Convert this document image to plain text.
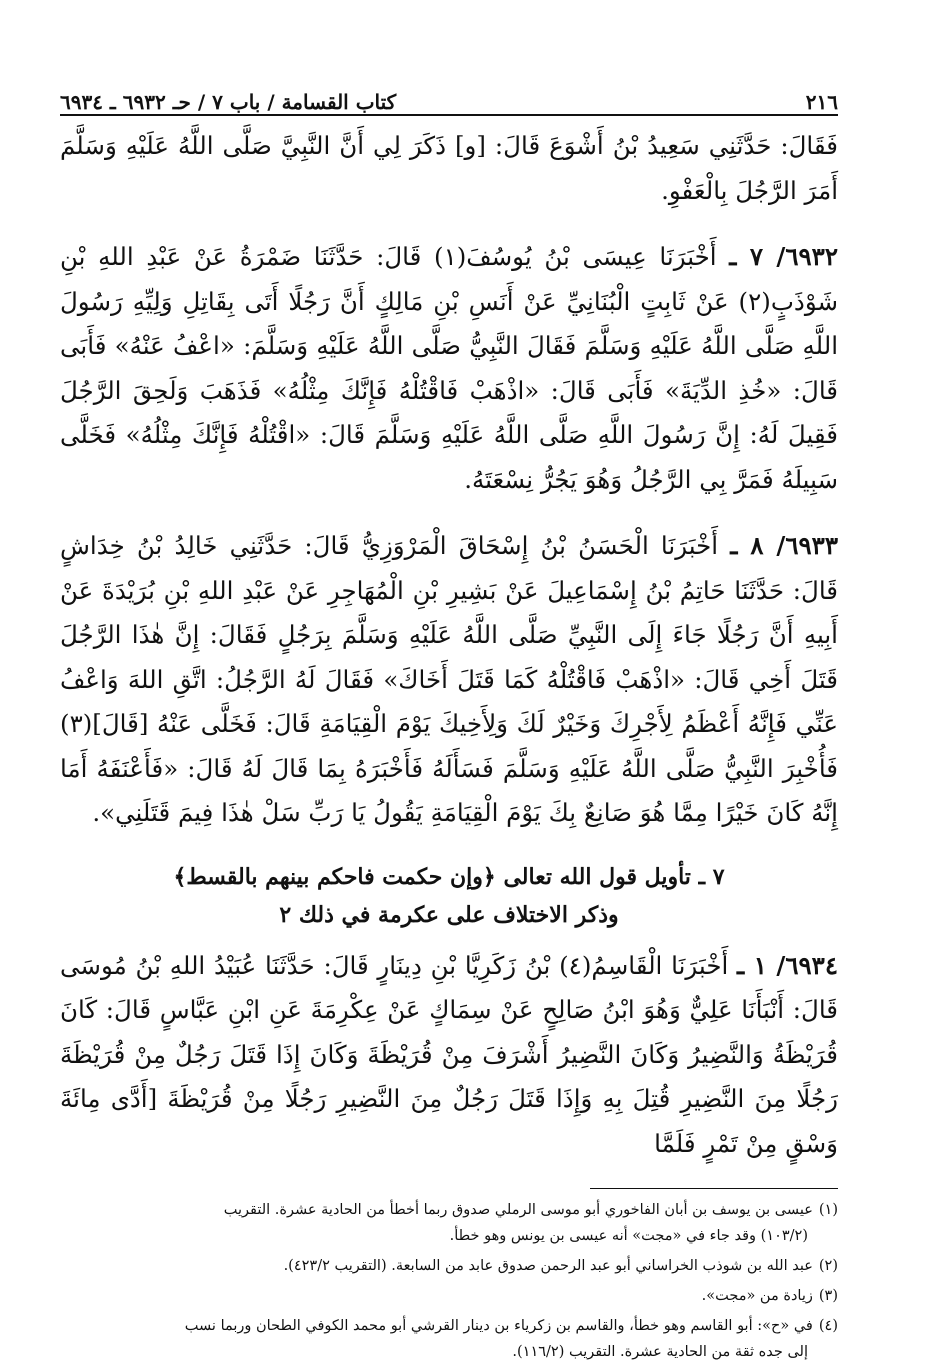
٢١٦
كتاب القسامة / باب ٧ / حـ ٦٩٣٢ ـ ٦٩٣٤

فَقَالَ: حَدَّثَنِي سَعِيدُ بْنُ أَشْوَعَ قَالَ: [و] ذَكَرَ لِي أَنَّ النَّبِيَّ صَلَّى اللَّهُ عَلَيْهِ وَسَلَّمَ أَمَرَ الرَّجُلَ بِالْعَفْوِ.

٦٩٣٢/ ٧ ـ أَخْبَرَنَا عِيسَى بْنُ يُوسُفَ(١) قَالَ: حَدَّثَنَا ضَمْرَةُ عَنْ عَبْدِ اللهِ بْنِ شَوْذَبٍ(٢) عَنْ ثَابِتٍ الْبُنَانِيِّ عَنْ أَنَسِ بْنِ مَالِكٍ أَنَّ رَجُلًا أَتَى بِقَاتِلِ وَلِيِّهِ رَسُولَ اللَّهِ صَلَّى اللَّهُ عَلَيْهِ وَسَلَّمَ فَقَالَ النَّبِيُّ صَلَّى اللَّهُ عَلَيْهِ وَسَلَّمَ: «اعْفُ عَنْهُ» فَأَبَى قَالَ: «خُذِ الدِّيَةَ» فَأَبَى قَالَ: «اذْهَبْ فَاقْتُلْهُ فَإِنَّكَ مِثْلُهُ» فَذَهَبَ وَلَحِقَ الرَّجُلَ فَقِيلَ لَهُ: إِنَّ رَسُولَ اللَّهِ صَلَّى اللَّهُ عَلَيْهِ وَسَلَّمَ قَالَ: «اقْتُلْهُ فَإِنَّكَ مِثْلُهُ» فَخَلَّى سَبِيلَهُ فَمَرَّ بِي الرَّجُلُ وَهُوَ يَجُرُّ نِسْعَتَهُ.

٦٩٣٣/ ٨ ـ أَخْبَرَنَا الْحَسَنُ بْنُ إِسْحَاقَ الْمَرْوَزِيُّ قَالَ: حَدَّثَنِي خَالِدُ بْنُ خِدَاشٍ قَالَ: حَدَّثَنَا حَاتِمُ بْنُ إِسْمَاعِيلَ عَنْ بَشِيرِ بْنِ الْمُهَاجِرِ عَنْ عَبْدِ اللهِ بْنِ بُرَيْدَةَ عَنْ أَبِيهِ أَنَّ رَجُلًا جَاءَ إِلَى النَّبِيِّ صَلَّى اللَّهُ عَلَيْهِ وَسَلَّمَ بِرَجُلٍ فَقَالَ: إِنَّ هٰذَا الرَّجُلَ قَتَلَ أَخِي قَالَ: «اذْهَبْ فَاقْتُلْهُ كَمَا قَتَلَ أَخَاكَ» فَقَالَ لَهُ الرَّجُلُ: اتَّقِ اللهَ وَاعْفُ عَنِّي فَإِنَّهُ أَعْظَمُ لِأَجْرِكَ وَخَيْرٌ لَكَ وَلِأَخِيكَ يَوْمَ الْقِيَامَةِ قَالَ: فَخَلَّى عَنْهُ [قَالَ](٣) فَأُخْبِرَ النَّبِيُّ صَلَّى اللَّهُ عَلَيْهِ وَسَلَّمَ فَسَأَلَهُ فَأَخْبَرَهُ بِمَا قَالَ لَهُ قَالَ: «فَأَعْنَفَهُ أَمَا إِنَّهُ كَانَ خَيْرًا مِمَّا هُوَ صَانِعٌ بِكَ يَوْمَ الْقِيَامَةِ يَقُولُ يَا رَبِّ سَلْ هٰذَا فِيمَ قَتَلَنِي».

٧ ـ تأويل قول الله تعالى ﴿وإن حكمت فاحكم بينهم بالقسط﴾
وذكر الاختلاف على عكرمة في ذلك ٢

٦٩٣٤/ ١ ـ أَخْبَرَنَا الْقَاسِمُ(٤) بْنُ زَكَرِيَّا بْنِ دِينَارٍ قَالَ: حَدَّثَنَا عُبَيْدُ اللهِ بْنُ مُوسَى قَالَ: أَنْبَأَنَا عَلِيٌّ وَهُوَ ابْنُ صَالِحٍ عَنْ سِمَاكٍ عَنْ عِكْرِمَةَ عَنِ ابْنِ عَبَّاسٍ قَالَ: كَانَ قُرَيْظَةُ وَالنَّضِيرُ وَكَانَ النَّضِيرُ أَشْرَفَ مِنْ قُرَيْظَةَ وَكَانَ إِذَا قَتَلَ رَجُلٌ مِنْ قُرَيْظَةَ رَجُلًا مِنَ النَّضِيرِ قُتِلَ بِهِ وَإِذَا قَتَلَ رَجُلٌ مِنَ النَّضِيرِ رَجُلًا مِنْ قُرَيْظَةَ [أَدَّى مِائَةَ وَسْقٍ مِنْ تَمْرٍ فَلَمَّا

(١)عيسى بن يوسف بن أبان الفاخوري أبو موسى الرملي صدوق ربما أخطأ من الحادية عشرة. التقريب
(١٠٣/٢) وقد جاء في «مجت» أنه عيسى بن يونس وهو خطأ.
(٢)عبد الله بن شوذب الخراساني أبو عبد الرحمن صدوق عابد من السابعة. (التقريب ٤٢٣/٢).
(٣)زيادة من «مجت».
(٤)في «ح»: أبو القاسم وهو خطأ، والقاسم بن زكرياء بن دينار القرشي أبو محمد الكوفي الطحان وربما نسب
إلى جده ثقة من الحادية عشرة. التقريب (١١٦/٢).
